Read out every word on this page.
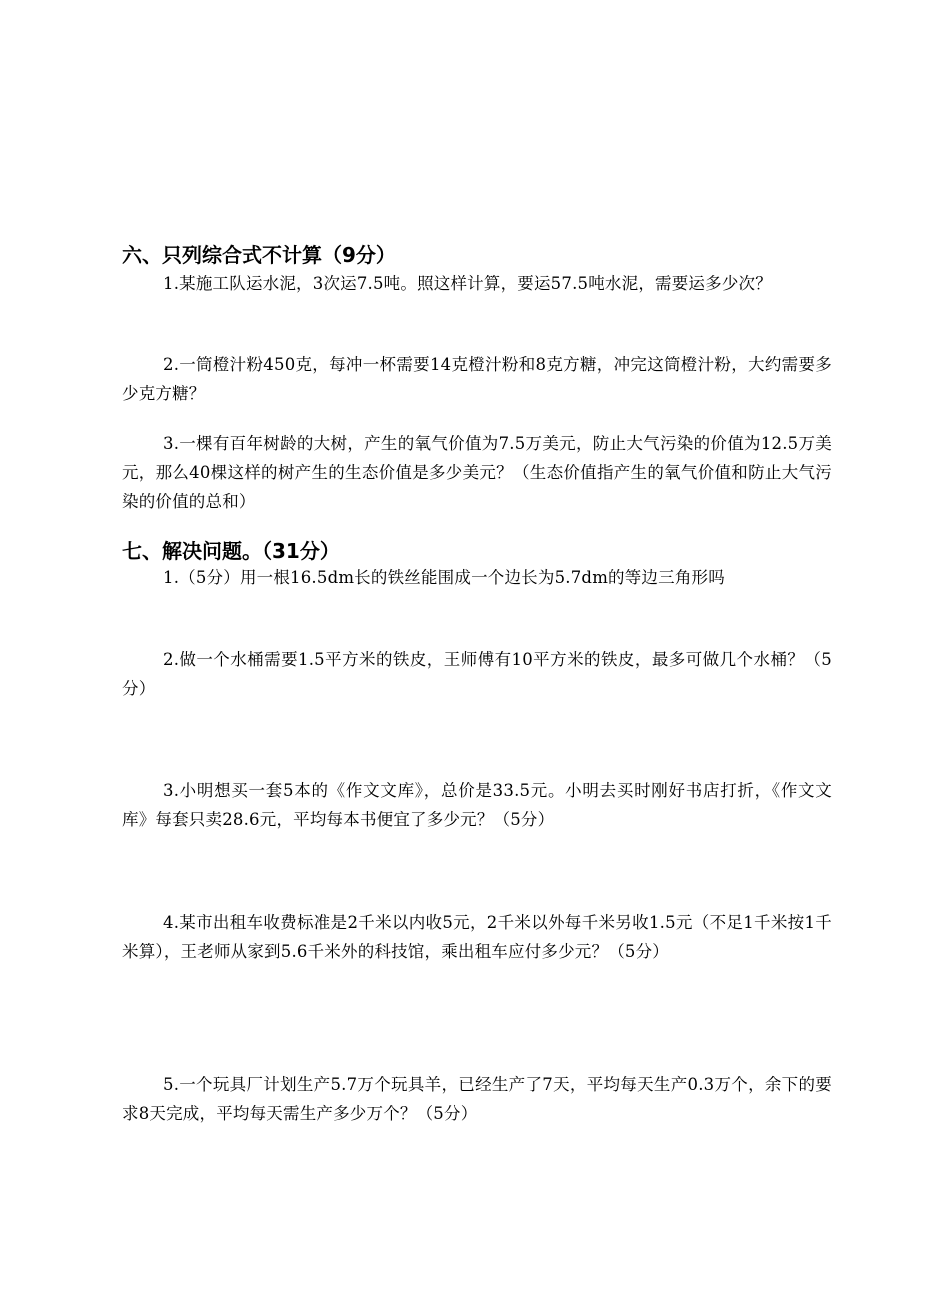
六、只列综合式不计算（9分）
1.某施工队运水泥，3次运7.5吨。照这样计算，要运57.5吨水泥，需要运多少次？
2.一筒橙汁粉450克，每冲一杯需要14克橙汁粉和8克方糖，冲完这筒橙汁粉，大约需要多少克方糖？
3.一棵有百年树龄的大树，产生的氧气价值为7.5万美元，防止大气污染的价值为12.5万美元，那么40棵这样的树产生的生态价值是多少美元？（生态价值指产生的氧气价值和防止大气污染的价值的总和）
七、解决问题。（31分）
1.（5分）用一根16.5dm长的铁丝能围成一个边长为5.7dm的等边三角形吗
2.做一个水桶需要1.5平方米的铁皮，王师傅有10平方米的铁皮，最多可做几个水桶？（5分）
3.小明想买一套5本的《作文文库》，总价是33.5元。小明去买时刚好书店打折，《作文文库》每套只卖28.6元，平均每本书便宜了多少元？（5分）
4.某市出租车收费标准是2千米以内收5元，2千米以外每千米另收1.5元（不足1千米按1千米算），王老师从家到5.6千米外的科技馆，乘出租车应付多少元？（5分）
5.一个玩具厂计划生产5.7万个玩具羊，已经生产了7天，平均每天生产0.3万个，余下的要求8天完成，平均每天需生产多少万个？（5分）
